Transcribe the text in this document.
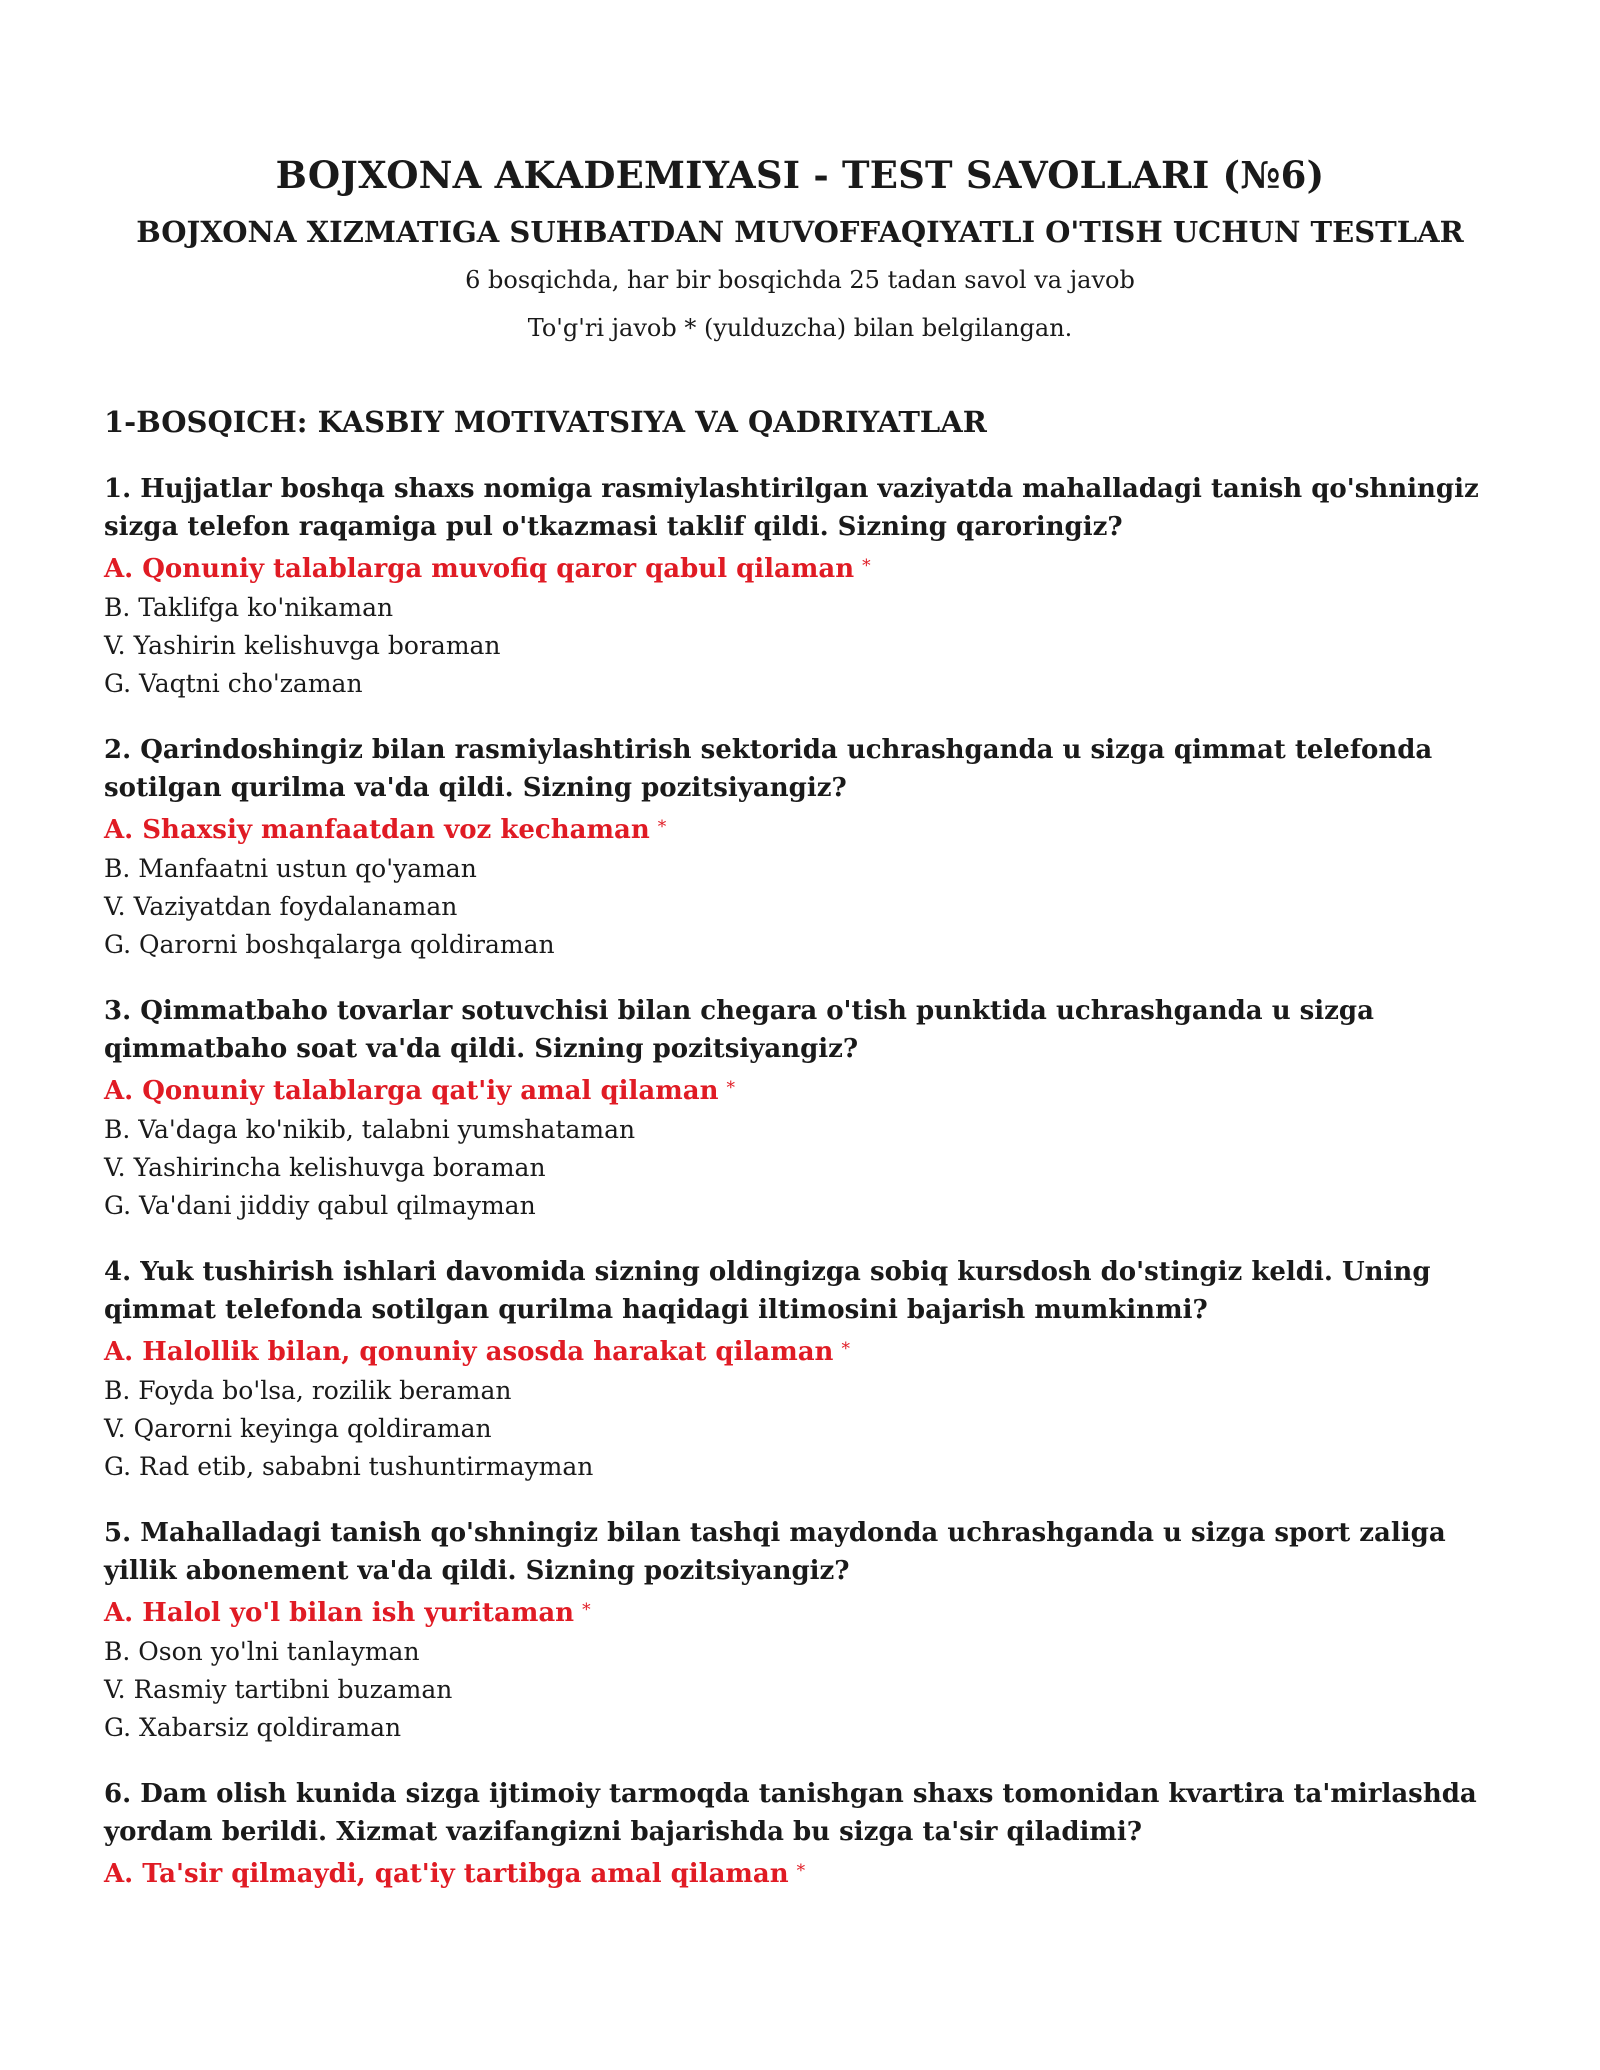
BOJXONA AKADEMIYASI - TEST SAVOLLARI (№6)
BOJXONA XIZMATIGA SUHBATDAN MUVOFFAQIYATLI O'TISH UCHUN TESTLAR

6 bosqichda, har bir bosqichda 25 tadan savol va javob

To'g'ri javob * (yulduzcha) bilan belgilangan.

1-BOSQICH: KASBIY MOTIVATSIYA VA QADRIYATLAR

1. Hujjatlar boshqa shaxs nomiga rasmiylashtirilgan vaziyatda mahalladagi tanish qo'shningiz sizga telefon raqamiga pul o'tkazmasi taklif qildi. Sizning qaroringiz?

A. Qonuniy talablarga muvofiq qaror qabul qilaman *
B. Taklifga ko'nikaman
V. Yashirin kelishuvga boraman
G. Vaqtni cho'zaman

2. Qarindoshingiz bilan rasmiylashtirish sektorida uchrashganda u sizga qimmat telefonda sotilgan qurilma va'da qildi. Sizning pozitsiyangiz?

A. Shaxsiy manfaatdan voz kechaman *
B. Manfaatni ustun qo'yaman
V. Vaziyatdan foydalanaman
G. Qarorni boshqalarga qoldiraman

3. Qimmatbaho tovarlar sotuvchisi bilan chegara o'tish punktida uchrashganda u sizga qimmatbaho soat va'da qildi. Sizning pozitsiyangiz?

A. Qonuniy talablarga qat'iy amal qilaman *
B. Va'daga ko'nikib, talabni yumshataman
V. Yashirincha kelishuvga boraman
G. Va'dani jiddiy qabul qilmayman

4. Yuk tushirish ishlari davomida sizning oldingizga sobiq kursdosh do'stingiz keldi. Uning qimmat telefonda sotilgan qurilma haqidagi iltimosini bajarish mumkinmi?

A. Halollik bilan, qonuniy asosda harakat qilaman *
B. Foyda bo'lsa, rozilik beraman
V. Qarorni keyinga qoldiraman
G. Rad etib, sababni tushuntirmayman

5. Mahalladagi tanish qo'shningiz bilan tashqi maydonda uchrashganda u sizga sport zaliga yillik abonement va'da qildi. Sizning pozitsiyangiz?

A. Halol yo'l bilan ish yuritaman *
B. Oson yo'lni tanlayman
V. Rasmiy tartibni buzaman
G. Xabarsiz qoldiraman

6. Dam olish kunida sizga ijtimoiy tarmoqda tanishgan shaxs tomonidan kvartira ta'mirlashda yordam berildi. Xizmat vazifangizni bajarishda bu sizga ta'sir qiladimi?

A. Ta'sir qilmaydi, qat'iy tartibga amal qilaman *
